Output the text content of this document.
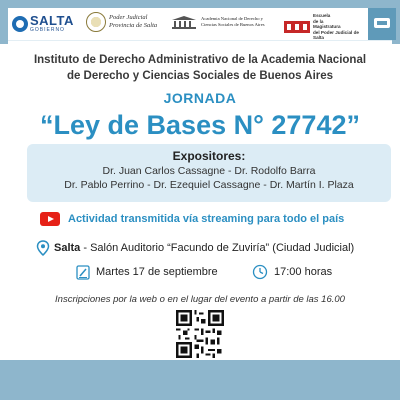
SALTA
GOBIERNO
Poder Judicial
Provincia de Salta
Academia Nacional de Derecho y
Ciencias Sociales de Buenos Aires
Escuela
de la
Magistratura
del Poder Judicial de Salta
Instituto de Derecho Administrativo de la Academia Nacional
de Derecho y Ciencias Sociales de Buenos Aires
JORNADA
“Ley de Bases N° 27742”
Expositores:
Dr. Juan Carlos Cassagne - Dr. Rodolfo Barra
Dr. Pablo Perrino - Dr. Ezequiel Cassagne - Dr. Martín I. Plaza
Actividad transmitida vía streaming para todo el país
Salta - Salón Auditorio “Facundo de Zuviría” (Ciudad Judicial)
Martes 17 de septiembre	17:00 horas
Inscripciones por la web o en el lugar del evento a partir de las 16.00
